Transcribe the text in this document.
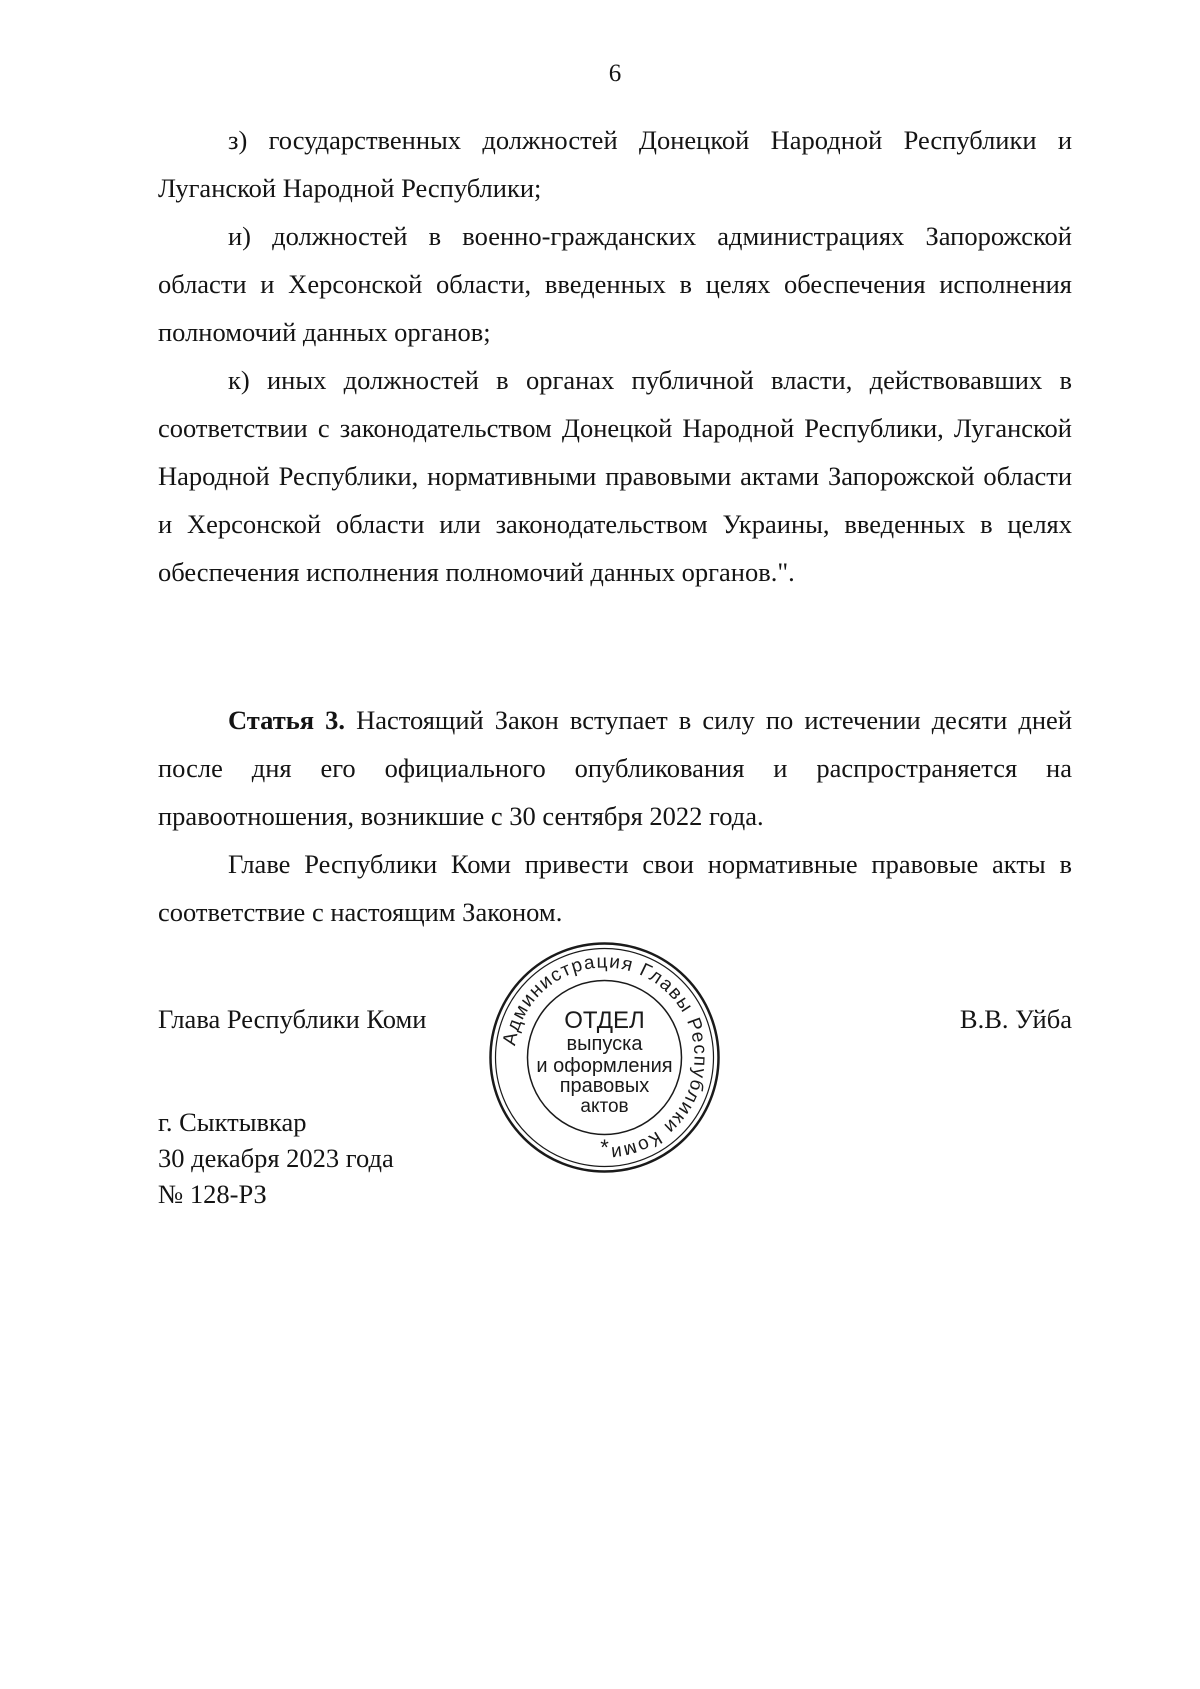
6

з) государственных должностей Донецкой Народной Республики и Луганской Народной Республики;

и) должностей в военно-гражданских администрациях Запорожской области и Херсонской области, введенных в целях обеспечения исполнения полномочий данных органов;

к) иных должностей в органах публичной власти, действовавших в соответствии с законодательством Донецкой Народной Республики, Луганской Народной Республики, нормативными правовыми актами Запорожской области и Херсонской области или законодательством Украины, введенных в целях обеспечения исполнения полномочий данных органов.".

Статья 3. Настоящий Закон вступает в силу по истечении десяти дней после дня его официального опубликования и распространяется на правоотношения, возникшие с 30 сентября 2022 года.

Главе Республики Коми привести свои нормативные правовые акты в соответствие с настоящим Законом.

Глава Республики Коми	В.В. Уйба
г. Сыктывкар
30 декабря 2023 года
№ 128-РЗ
Администрация Главы Республики Коми
ОТДЕЛ
выпуска
и оформления
правовых
актов
*
